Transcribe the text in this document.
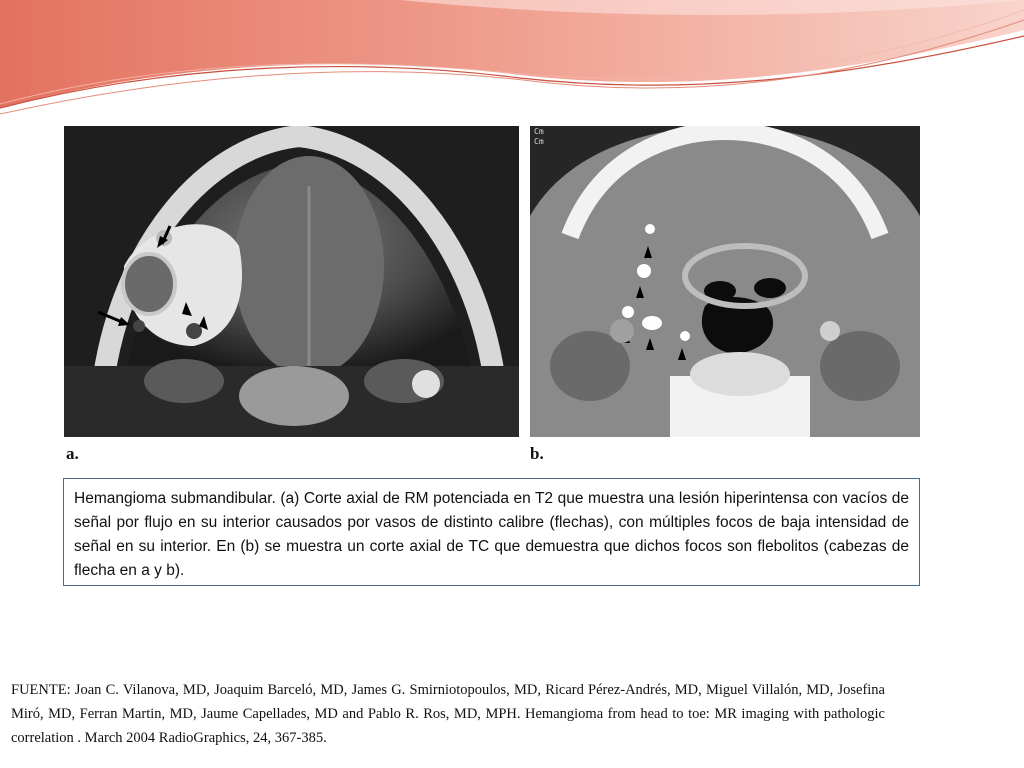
Cm
Cm
a.	b.
Hemangioma submandibular. (a) Corte axial de RM potenciada en T2 que muestra una lesión hiperintensa con vacíos de señal por flujo en su interior causados por vasos de distinto calibre (flechas), con múltiples focos de baja intensidad de señal en su interior. En (b) se muestra un corte axial de TC que demuestra que dichos focos son flebolitos (cabezas de flecha en a y b).
FUENTE: Joan C. Vilanova, MD, Joaquim Barceló, MD, James G. Smirniotopoulos, MD, Ricard Pérez-Andrés, MD, Miguel Villalón, MD, Josefina Miró, MD, Ferran Martin, MD, Jaume Capellades, MD and Pablo R. Ros, MD, MPH. Hemangioma from head to toe: MR imaging with pathologic correlation . March 2004 RadioGraphics, 24, 367-385.
